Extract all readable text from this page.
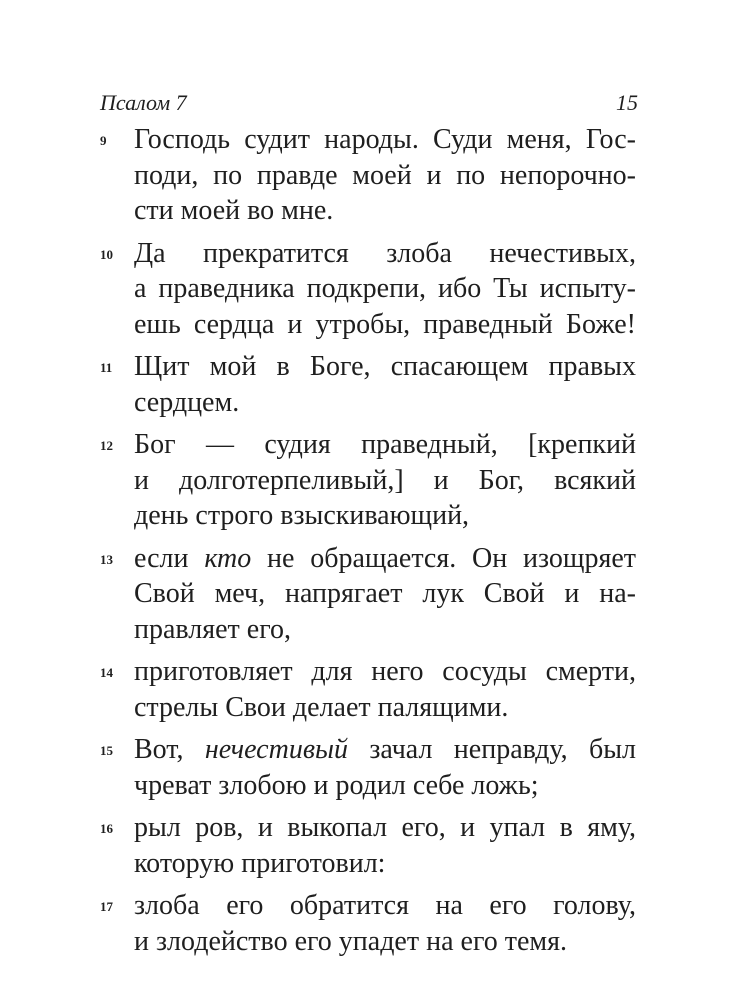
Псалом 7	15
9 Господь судит народы. Суди меня, Гос-
поди, по правде моей и по непорочно-
сти моей во мне.
10 Да прекратится злоба нечестивых,
а праведника подкрепи, ибо Ты испыту-
ешь сердца и утробы, праведный Боже!
11 Щит мой в Боге, спасающем правых
сердцем.
12 Бог — судия праведный, [крепкий
и долготерпеливый,] и Бог, всякий
день строго взыскивающий,
13 если кто не обращается. Он изощряет
Свой меч, напрягает лук Свой и на-
правляет его,
14 приготовляет для него сосуды смерти,
стрелы Свои делает палящими.
15 Вот, нечестивый зачал неправду, был
чреват злобою и родил себе ложь;
16 рыл ров, и выкопал его, и упал в яму,
которую приготовил:
17 злоба его обратится на его голову,
и злодейство его упадет на его темя.
